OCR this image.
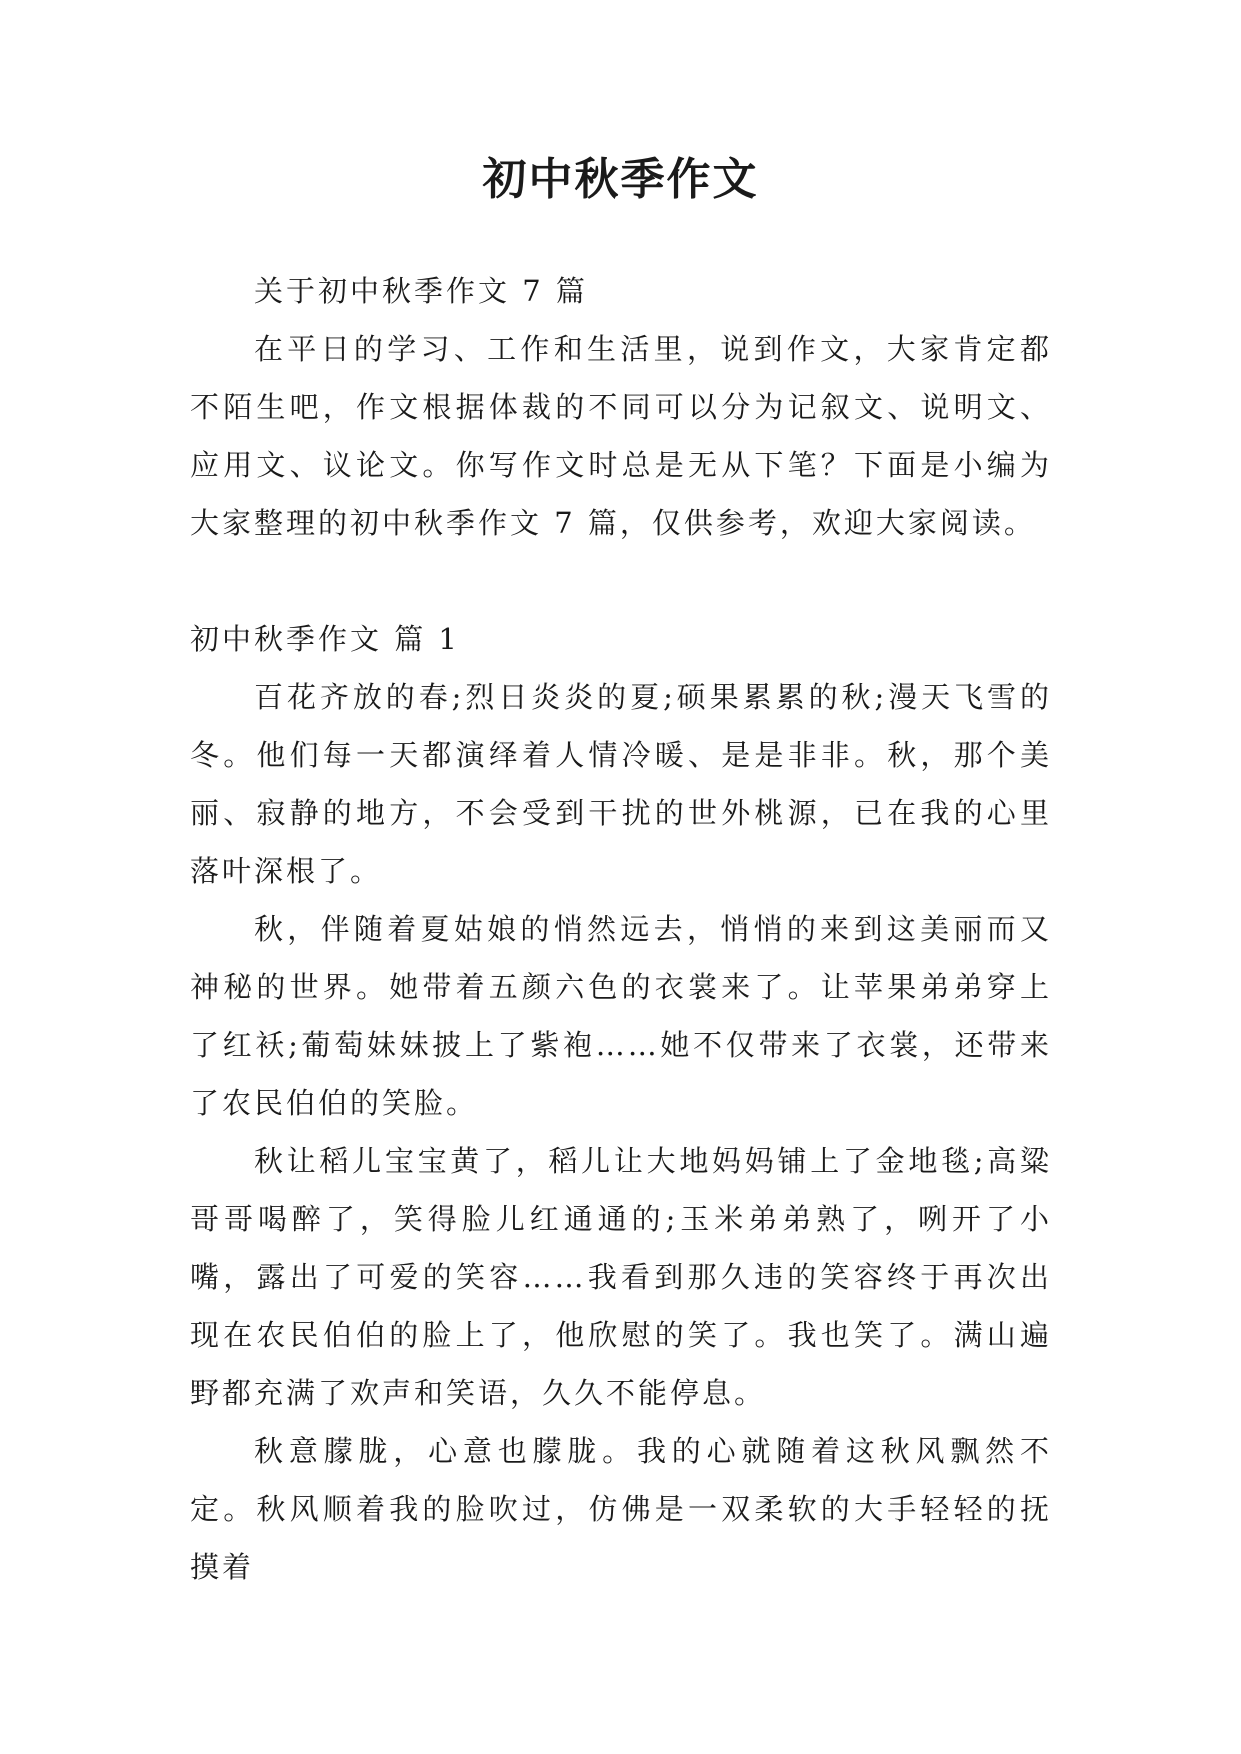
初中秋季作文

关于初中秋季作文 7 篇

在平日的学习、工作和生活里，说到作文，大家肯定都不陌生吧，作文根据体裁的不同可以分为记叙文、说明文、应用文、议论文。你写作文时总是无从下笔？下面是小编为大家整理的初中秋季作文 7 篇，仅供参考，欢迎大家阅读。

初中秋季作文 篇 1

百花齐放的春;烈日炎炎的夏;硕果累累的秋;漫天飞雪的冬。他们每一天都演绎着人情冷暖、是是非非。秋，那个美丽、寂静的地方，不会受到干扰的世外桃源，已在我的心里落叶深根了。

秋，伴随着夏姑娘的悄然远去，悄悄的来到这美丽而又神秘的世界。她带着五颜六色的衣裳来了。让苹果弟弟穿上了红袄;葡萄妹妹披上了紫袍……她不仅带来了衣裳，还带来了农民伯伯的笑脸。

秋让稻儿宝宝黄了，稻儿让大地妈妈铺上了金地毯;高粱哥哥喝醉了，笑得脸儿红通通的;玉米弟弟熟了，咧开了小嘴，露出了可爱的笑容……我看到那久违的笑容终于再次出现在农民伯伯的脸上了，他欣慰的笑了。我也笑了。满山遍野都充满了欢声和笑语，久久不能停息。

秋意朦胧，心意也朦胧。我的心就随着这秋风飘然不定。秋风顺着我的脸吹过，仿佛是一双柔软的大手轻轻的抚摸着
